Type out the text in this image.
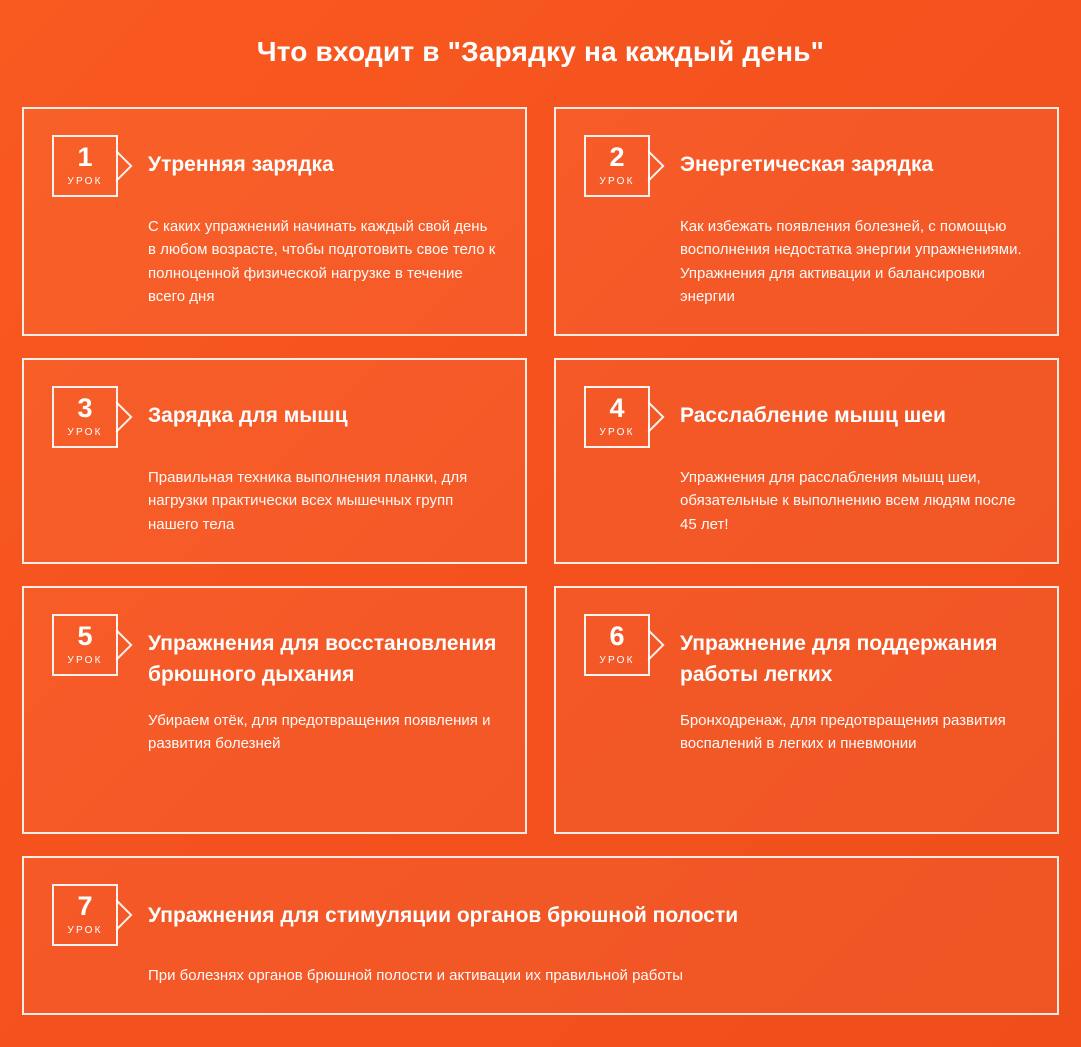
Что входит в "Зарядку на каждый день"
1
УРОК
Утренняя зарядка
С каких упражнений начинать каждый свой день в любом возрасте, чтобы подготовить свое тело к полноценной физической нагрузке в течение всего дня
2
УРОК
Энергетическая зарядка
Как избежать появления болезней, с помощью восполнения недостатка энергии упражнениями. Упражнения для активации и балансировки энергии
3
УРОК
Зарядка для мышц
Правильная техника выполнения планки, для нагрузки практически всех мышечных групп нашего тела
4
УРОК
Расслабление мышц шеи
Упражнения для расслабления мышц шеи, обязательные к выполнению всем людям после 45 лет!
5
УРОК
Упражнения для восстановления брюшного дыхания
Убираем отёк, для предотвращения появления и развития болезней
6
УРОК
Упражнение для поддержания работы легких
Бронходренаж, для предотвращения развития воспалений в легких и пневмонии
7
УРОК
Упражнения для стимуляции органов брюшной полости
При болезнях органов брюшной полости и активации их правильной работы
